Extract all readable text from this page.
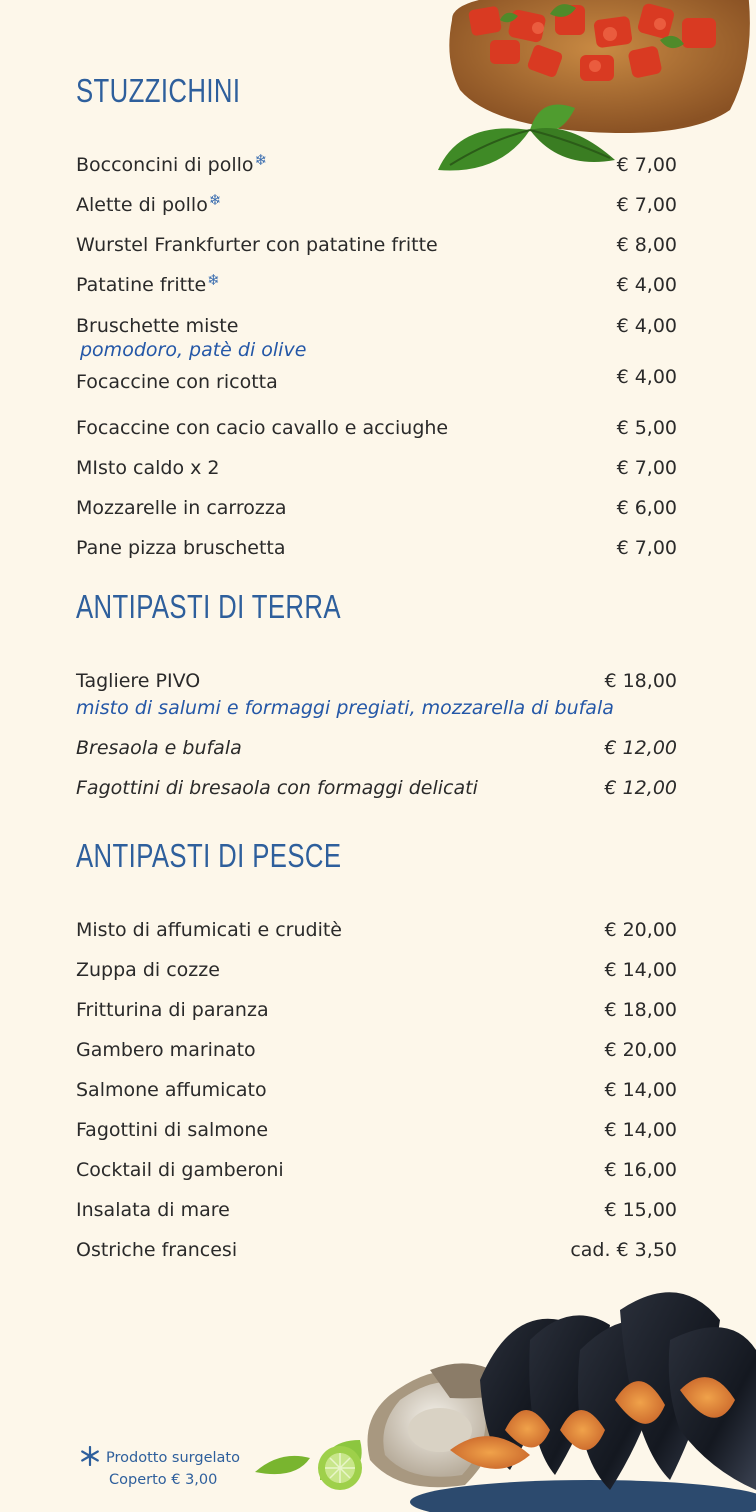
STUZZICHINI
Bocconcini di pollo❄	€ 7,00
Alette di pollo❄	€ 7,00
Wurstel Frankfurter con patatine fritte	€ 8,00
Patatine fritte❄	€ 4,00
Bruschette miste	€ 4,00
pomodoro, patè di olive
Focaccine con ricotta	€ 4,00
Focaccine con cacio cavallo e acciughe	€ 5,00
MIsto caldo x 2	€ 7,00
Mozzarelle in carrozza	€ 6,00
Pane pizza bruschetta	€ 7,00
ANTIPASTI DI TERRA
Tagliere PIVO	€ 18,00
misto di salumi e formaggi pregiati, mozzarella di bufala
Bresaola e bufala	€ 12,00
Fagottini di bresaola con formaggi delicati	€ 12,00
ANTIPASTI DI PESCE
Misto di affumicati e cruditè	€ 20,00
Zuppa di cozze	€ 14,00
Fritturina di paranza	€ 18,00
Gambero marinato	€ 20,00
Salmone affumicato	€ 14,00
Fagottini di salmone	€ 14,00
Cocktail di gamberoni	€ 16,00
Insalata di mare	€ 15,00
Ostriche francesi	cad. € 3,50
Prodotto surgelato
Coperto € 3,00
